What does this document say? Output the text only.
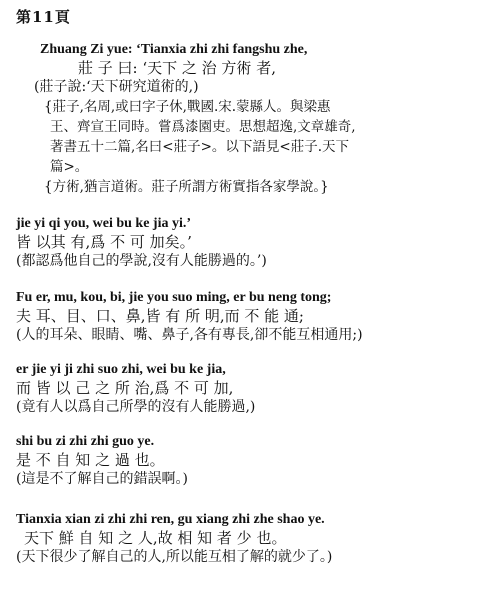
第11頁
Zhuang Zi yue: ‘Tianxia zhi zhi fangshu zhe,
莊 子 曰: ‘天下 之 治 方術 者,
(莊子說:‘天下研究道術的,)
{莊子,名周,或曰字子休,戰國.宋.蒙縣人。與梁惠
王、齊宣王同時。嘗爲漆園吏。思想超逸,文章雄奇,
著書五十二篇,名曰<莊子>。以下語見<莊子.天下
篇>。
{方術,猶言道術。莊子所謂方術實指各家學說。}
jie yi qi you, wei bu ke jia yi.’
皆 以其 有,爲 不 可 加矣。’
(都認爲他自己的學說,沒有人能勝過的。’)
Fu er, mu, kou, bi, jie you suo ming, er bu neng tong;
夫 耳、目、口、鼻,皆 有 所 明,而 不 能 通;
(人的耳朵、眼睛、嘴、鼻子,各有專長,卻不能互相通用;)
er jie yi ji zhi suo zhi, wei bu ke jia,
而 皆 以 己 之 所 治,爲 不 可 加,
(竟有人以爲自己所學的沒有人能勝過,)
shi bu zi zhi zhi guo ye.
是 不 自 知 之 過 也。
(這是不了解自己的錯誤啊。)
Tianxia xian zi zhi zhi ren, gu xiang zhi zhe shao ye.
天下 鮮 自 知 之 人,故 相 知 者 少 也。
(天下很少了解自己的人,所以能互相了解的就少了。)
